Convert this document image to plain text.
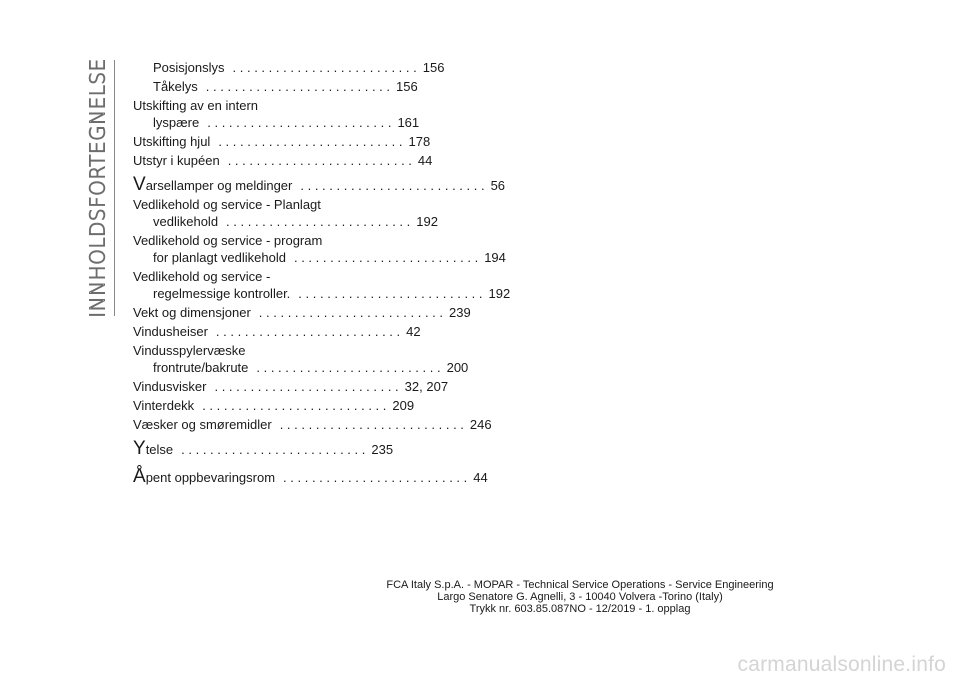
INNHOLDSFORTEGNELSE	Posisjonslys . . . . . . . . . . . . . . . . . . . . . . . . . . 156
Tåkelys . . . . . . . . . . . . . . . . . . . . . . . . . . 156
Utskifting av en intern
lyspære . . . . . . . . . . . . . . . . . . . . . . . . . . 161
Utskifting hjul . . . . . . . . . . . . . . . . . . . . . . . . . . 178
Utstyr i kupéen . . . . . . . . . . . . . . . . . . . . . . . . . . 44
Varsellamper og meldinger . . . . . . . . . . . . . . . . . . . . . . . . . . 56
Vedlikehold og service - Planlagt
vedlikehold . . . . . . . . . . . . . . . . . . . . . . . . . . 192
Vedlikehold og service - program
for planlagt vedlikehold . . . . . . . . . . . . . . . . . . . . . . . . . . 194
Vedlikehold og service -
regelmessige kontroller. . . . . . . . . . . . . . . . . . . . . . . . . . . 192
Vekt og dimensjoner . . . . . . . . . . . . . . . . . . . . . . . . . . 239
Vindusheiser . . . . . . . . . . . . . . . . . . . . . . . . . . 42
Vindusspylervæske
frontrute/bakrute . . . . . . . . . . . . . . . . . . . . . . . . . . 200
Vindusvisker . . . . . . . . . . . . . . . . . . . . . . . . . . 32, 207
Vinterdekk . . . . . . . . . . . . . . . . . . . . . . . . . . 209
Væsker og smøremidler . . . . . . . . . . . . . . . . . . . . . . . . . . 246
Ytelse . . . . . . . . . . . . . . . . . . . . . . . . . . 235
Åpent oppbevaringsrom . . . . . . . . . . . . . . . . . . . . . . . . . . 44
FCA Italy S.p.A. - MOPAR - Technical Service Operations - Service Engineering
Largo Senatore G. Agnelli, 3 - 10040 Volvera -Torino (Italy)
Trykk nr. 603.85.087NO - 12/2019 - 1. opplag
carmanualsonline.info
